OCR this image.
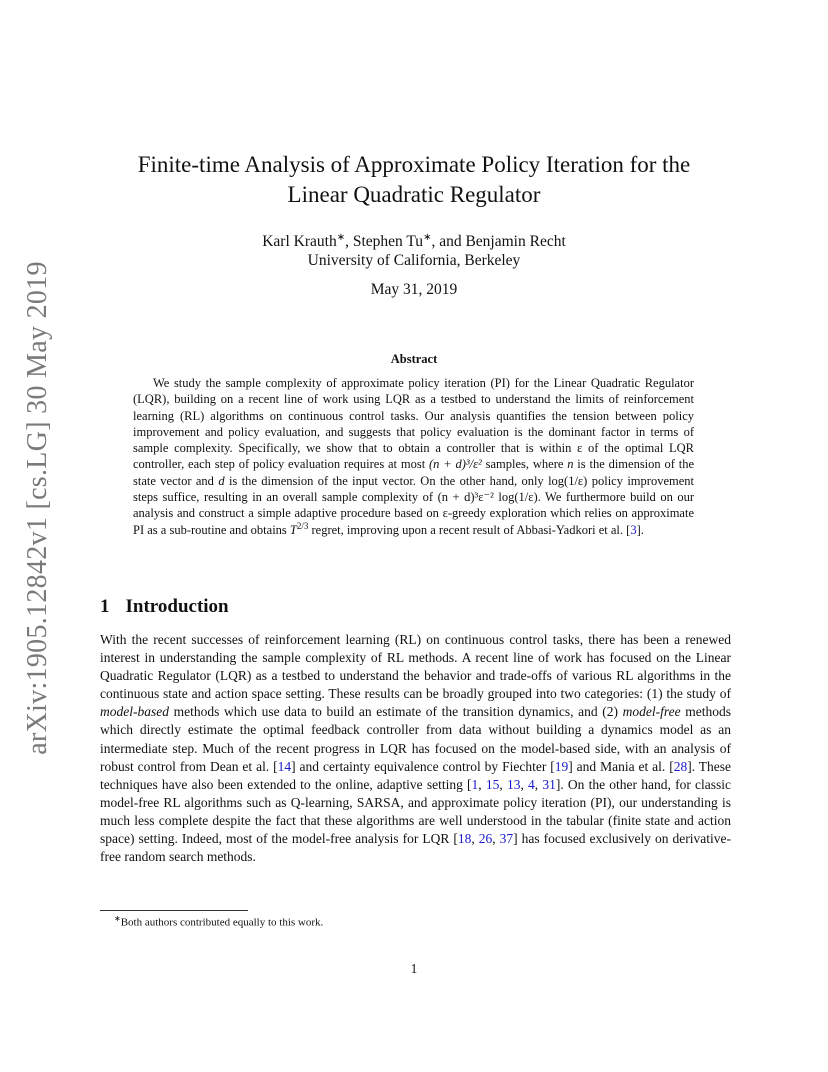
arXiv:1905.12842v1 [cs.LG] 30 May 2019
Finite-time Analysis of Approximate Policy Iteration for the
Linear Quadratic Regulator
Karl Krauth∗, Stephen Tu∗, and Benjamin Recht
University of California, Berkeley
May 31, 2019
Abstract
We study the sample complexity of approximate policy iteration (PI) for the Linear Quadratic Regulator (LQR), building on a recent line of work using LQR as a testbed to understand the limits of reinforcement learning (RL) algorithms on continuous control tasks. Our analysis quantifies the tension between policy improvement and policy evaluation, and suggests that policy evaluation is the dominant factor in terms of sample complexity. Specifically, we show that to obtain a controller that is within ε of the optimal LQR controller, each step of policy evaluation requires at most (n + d)³/ε² samples, where n is the dimension of the state vector and d is the dimension of the input vector. On the other hand, only log(1/ε) policy improvement steps suffice, resulting in an overall sample complexity of (n + d)³ε⁻² log(1/ε). We furthermore build on our analysis and construct a simple adaptive procedure based on ε-greedy exploration which relies on approximate PI as a sub-routine and obtains $T^{2/3}$ regret, improving upon a recent result of Abbasi-Yadkori et al. [3].
1 Introduction
With the recent successes of reinforcement learning (RL) on continuous control tasks, there has been a renewed interest in understanding the sample complexity of RL methods. A recent line of work has focused on the Linear Quadratic Regulator (LQR) as a testbed to understand the behavior and trade-offs of various RL algorithms in the continuous state and action space setting. These results can be broadly grouped into two categories: (1) the study of model-based methods which use data to build an estimate of the transition dynamics, and (2) model-free methods which directly estimate the optimal feedback controller from data without building a dynamics model as an intermediate step. Much of the recent progress in LQR has focused on the model-based side, with an analysis of robust control from Dean et al. [14] and certainty equivalence control by Fiechter [19] and Mania et al. [28]. These techniques have also been extended to the online, adaptive setting [1, 15, 13, 4, 31]. On the other hand, for classic model-free RL algorithms such as Q-learning, SARSA, and approximate policy iteration (PI), our understanding is much less complete despite the fact that these algorithms are well understood in the tabular (finite state and action space) setting. Indeed, most of the model-free analysis for LQR [18, 26, 37] has focused exclusively on derivative-free random search methods.
∗Both authors contributed equally to this work.
1
